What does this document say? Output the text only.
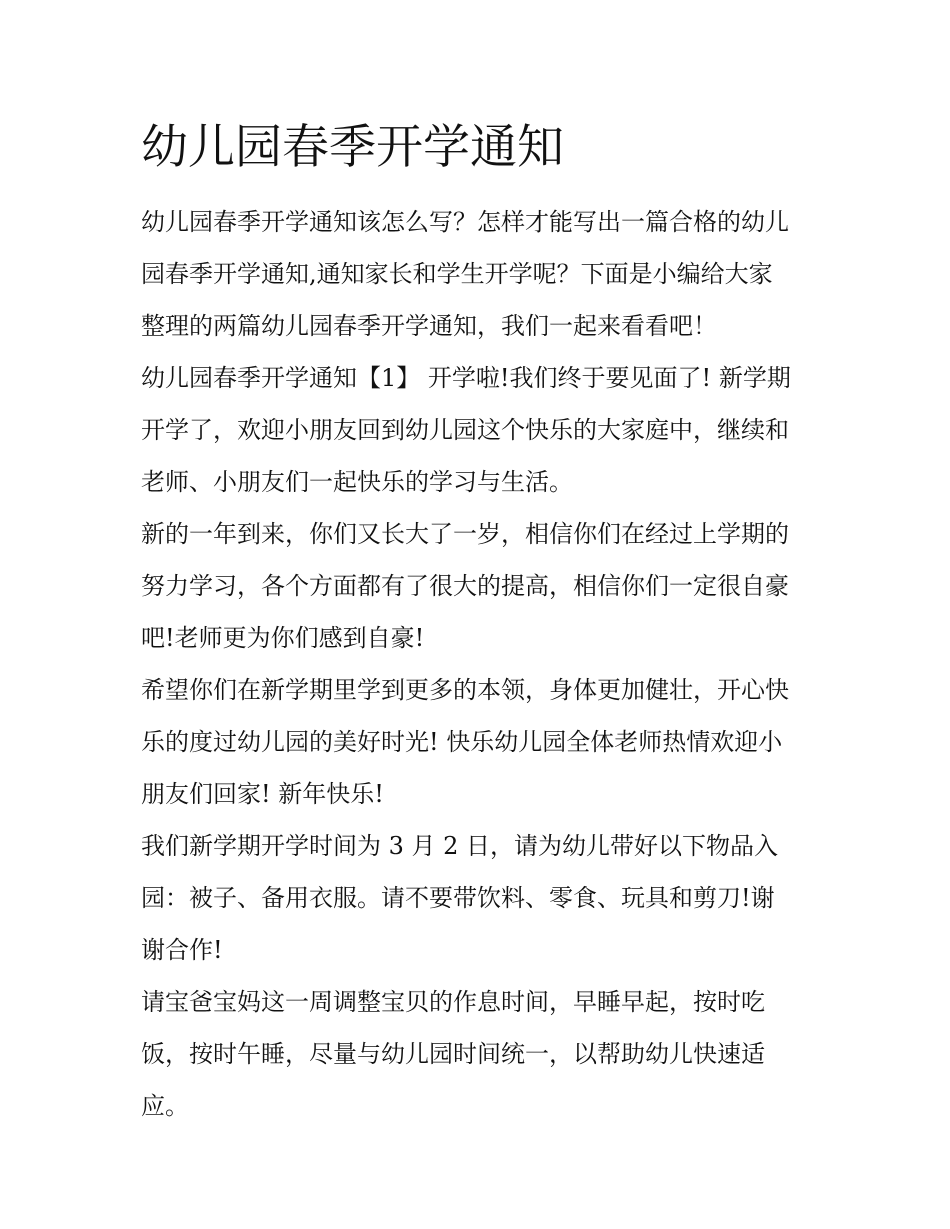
幼儿园春季开学通知

幼儿园春季开学通知该怎么写？怎样才能写出一篇合格的幼儿

园春季开学通知,通知家长和学生开学呢？下面是小编给大家

整理的两篇幼儿园春季开学通知，我们一起来看看吧！

幼儿园春季开学通知【1】 开学啦!我们终于要见面了! 新学期

开学了，欢迎小朋友回到幼儿园这个快乐的大家庭中，继续和

老师、小朋友们一起快乐的学习与生活。

新的一年到来，你们又长大了一岁，相信你们在经过上学期的

努力学习，各个方面都有了很大的提高，相信你们一定很自豪

吧!老师更为你们感到自豪!

希望你们在新学期里学到更多的本领，身体更加健壮，开心快

乐的度过幼儿园的美好时光! 快乐幼儿园全体老师热情欢迎小

朋友们回家! 新年快乐!

我们新学期开学时间为 3 月 2 日，请为幼儿带好以下物品入

园：被子、备用衣服。请不要带饮料、零食、玩具和剪刀!谢

谢合作!

请宝爸宝妈这一周调整宝贝的作息时间，早睡早起，按时吃

饭，按时午睡，尽量与幼儿园时间统一，以帮助幼儿快速适

应。
